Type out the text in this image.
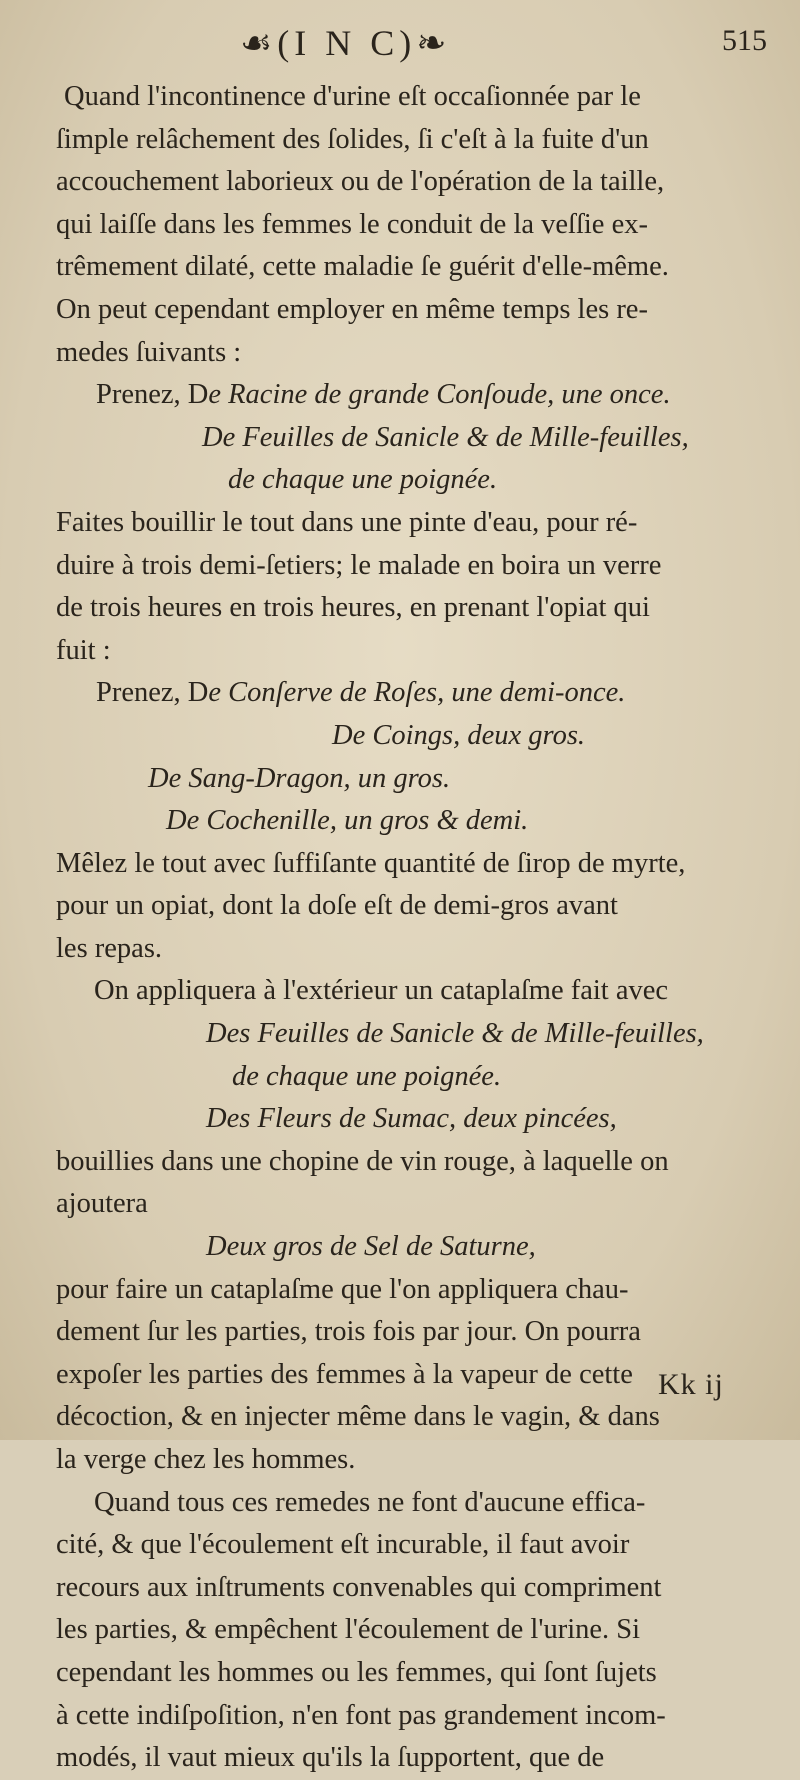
☙(I N C)❧	515
Quand l'incontinence d'urine eſt occaſionnée par le
ſimple relâchement des ſolides, ſi c'eſt à la fuite d'un
accouchement laborieux ou de l'opération de la taille,
qui laiſſe dans les femmes le conduit de la veſſie ex-
trêmement dilaté, cette maladie ſe guérit d'elle-même.
On peut cependant employer en même temps les re-
medes ſuivants :
Prenez, De Racine de grande Conſoude, une once.
De Feuilles de Sanicle & de Mille-feuilles,
de chaque une poignée.
Faites bouillir le tout dans une pinte d'eau, pour ré-
duire à trois demi-ſetiers; le malade en boira un verre
de trois heures en trois heures, en prenant l'opiat qui
fuit :
Prenez, De Conſerve de Roſes, une demi-once.
De Coings, deux gros.
De Sang-Dragon, un gros.
De Cochenille, un gros & demi.
Mêlez le tout avec ſuffiſante quantité de ſirop de myrte,
pour un opiat, dont la doſe eſt de demi-gros avant
les repas.
On appliquera à l'extérieur un cataplaſme fait avec
Des Feuilles de Sanicle & de Mille-feuilles,
de chaque une poignée.
Des Fleurs de Sumac, deux pincées,
bouillies dans une chopine de vin rouge, à laquelle on
ajoutera
Deux gros de Sel de Saturne,
pour faire un cataplaſme que l'on appliquera chau-
dement ſur les parties, trois fois par jour. On pourra
expoſer les parties des femmes à la vapeur de cette
décoction, & en injecter même dans le vagin, & dans
la verge chez les hommes.
Quand tous ces remedes ne font d'aucune effica-
cité, & que l'écoulement eſt incurable, il faut avoir
recours aux inſtruments convenables qui compriment
les parties, & empêchent l'écoulement de l'urine. Si
cependant les hommes ou les femmes, qui ſont ſujets
à cette indiſpoſition, n'en font pas grandement incom-
modés, il vaut mieux qu'ils la ſupportent, que de
Kk ij
